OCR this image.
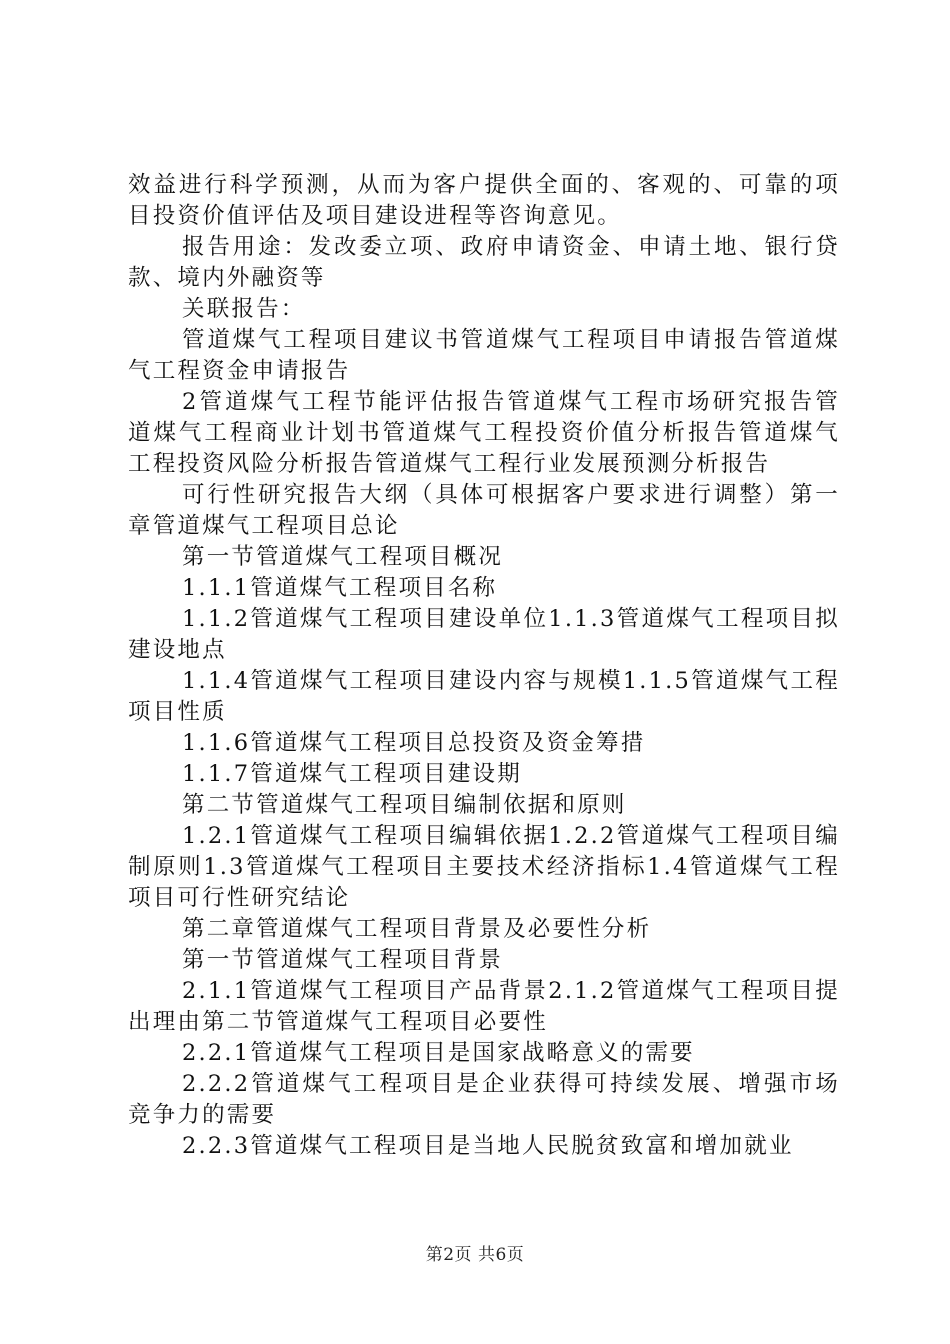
效益进行科学预测，从而为客户提供全面的、客观的、可靠的项目投资价值评估及项目建设进程等咨询意见。

报告用途：发改委立项、政府申请资金、申请土地、银行贷款、境内外融资等

关联报告：

管道煤气工程项目建议书管道煤气工程项目申请报告管道煤气工程资金申请报告

2管道煤气工程节能评估报告管道煤气工程市场研究报告管道煤气工程商业计划书管道煤气工程投资价值分析报告管道煤气工程投资风险分析报告管道煤气工程行业发展预测分析报告

可行性研究报告大纲（具体可根据客户要求进行调整）第一章管道煤气工程项目总论

第一节管道煤气工程项目概况

1.1.1管道煤气工程项目名称

1.1.2管道煤气工程项目建设单位1.1.3管道煤气工程项目拟建设地点

1.1.4管道煤气工程项目建设内容与规模1.1.5管道煤气工程项目性质

1.1.6管道煤气工程项目总投资及资金筹措

1.1.7管道煤气工程项目建设期

第二节管道煤气工程项目编制依据和原则

1.2.1管道煤气工程项目编辑依据1.2.2管道煤气工程项目编制原则1.3管道煤气工程项目主要技术经济指标1.4管道煤气工程项目可行性研究结论

第二章管道煤气工程项目背景及必要性分析

第一节管道煤气工程项目背景

2.1.1管道煤气工程项目产品背景2.1.2管道煤气工程项目提出理由第二节管道煤气工程项目必要性

2.2.1管道煤气工程项目是国家战略意义的需要

2.2.2管道煤气工程项目是企业获得可持续发展、增强市场竞争力的需要

2.2.3管道煤气工程项目是当地人民脱贫致富和增加就业

第2页 共6页
